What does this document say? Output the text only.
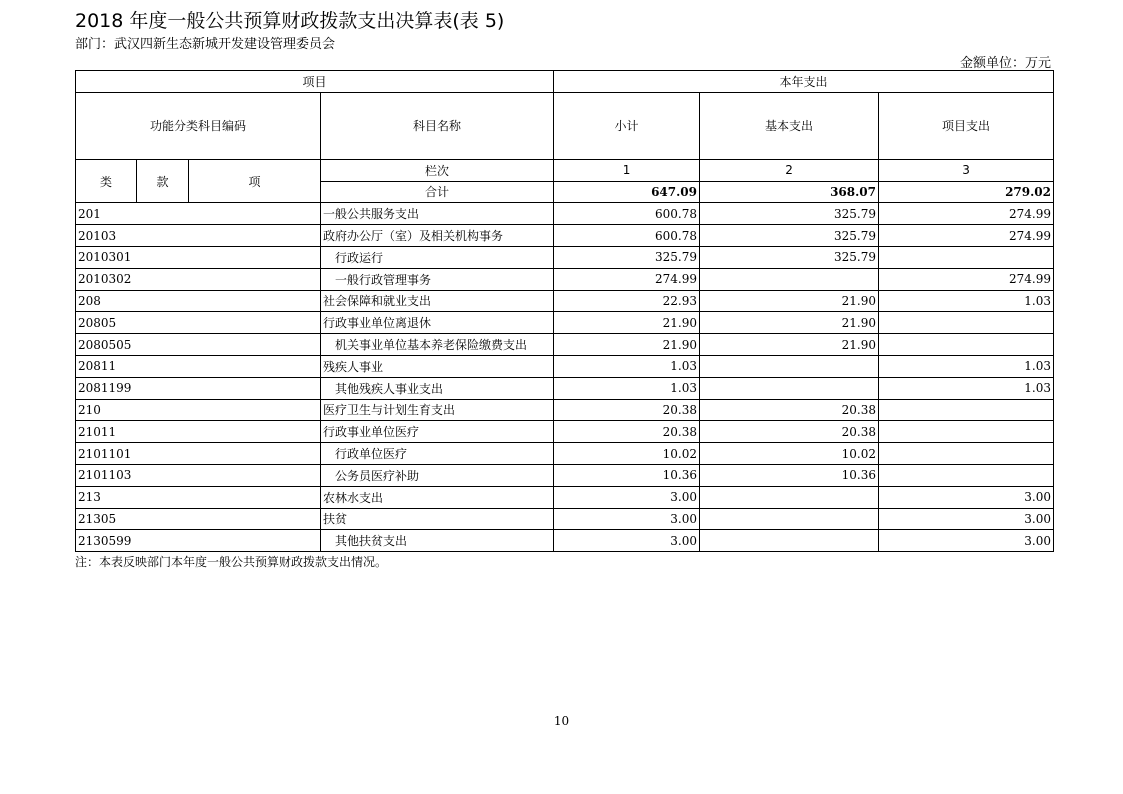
2018 年度一般公共预算财政拨款支出决算表(表 5)
部门：武汉四新生态新城开发建设管理委员会
金额单位：万元
项目				本年支出		
功能分类科目编码			科目名称	小计	基本支出	项目支出
类	款	项	栏次	1	2	3
			合计	647.09	368.07	279.02
201			一般公共服务支出	600.78	325.79	274.99
20103			政府办公厅（室）及相关机构事务	600.78	325.79	274.99
2010301			行政运行	325.79	325.79	
2010302			一般行政管理事务	274.99		274.99
208			社会保障和就业支出	22.93	21.90	1.03
20805			行政事业单位离退休	21.90	21.90	
2080505			机关事业单位基本养老保险缴费支出	21.90	21.90	
20811			残疾人事业	1.03		1.03
2081199			其他残疾人事业支出	1.03		1.03
210			医疗卫生与计划生育支出	20.38	20.38	
21011			行政事业单位医疗	20.38	20.38	
2101101			行政单位医疗	10.02	10.02	
2101103			公务员医疗补助	10.36	10.36	
213			农林水支出	3.00		3.00
21305			扶贫	3.00		3.00
2130599			其他扶贫支出	3.00		3.00
注：本表反映部门本年度一般公共预算财政拨款支出情况。
10
